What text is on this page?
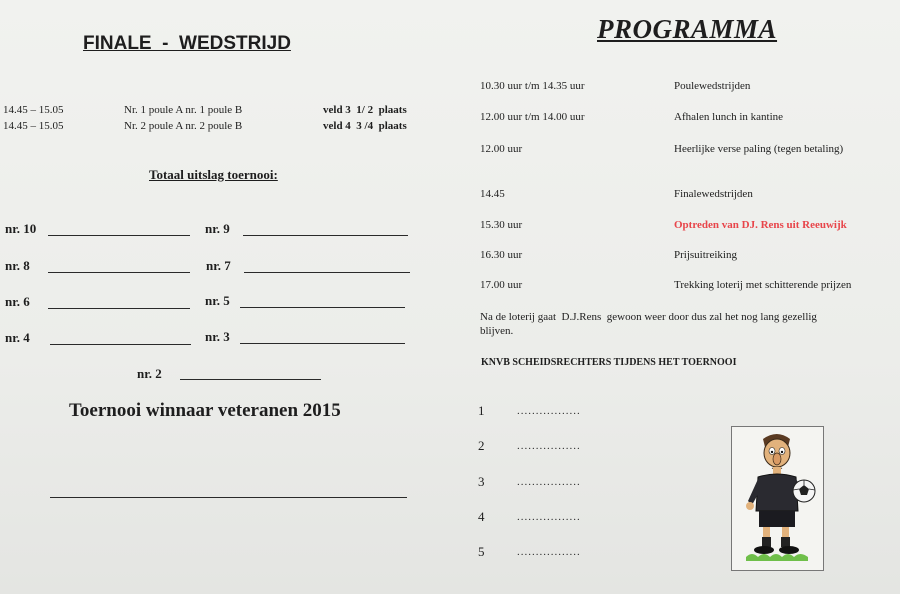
FINALE  -  WEDSTRIJD
14.45 – 15.05	Nr. 1 poule A nr. 1 poule B	veld 3  1/ 2  plaats
14.45 – 15.05	Nr. 2 poule A nr. 2 poule B	veld 4  3 /4  plaats
Totaal uitslag toernooi:
nr. 10	nr. 9
nr. 8	nr. 7
nr. 6	nr. 5
nr. 4	nr. 3
nr. 2
Toernooi winnaar veteranen 2015
PROGRAMMA
10.30 uur t/m 14.35 uur	Poulewedstrijden
12.00 uur t/m 14.00 uur	Afhalen lunch in kantine
12.00 uur	Heerlijke verse paling (tegen betaling)
14.45	Finalewedstrijden
15.30 uur	Optreden van DJ. Rens uit Reeuwijk
16.30 uur	Prijsuitreiking
17.00 uur	Trekking loterij met schitterende prijzen
Na de loterij gaat  D.J.Rens  gewoon weer door dus zal het nog lang gezellig
blijven.
KNVB SCHEIDSRECHTERS TIJDENS HET TOERNOOI
1	.................
2	.................
3	.................
4	.................
5	.................
